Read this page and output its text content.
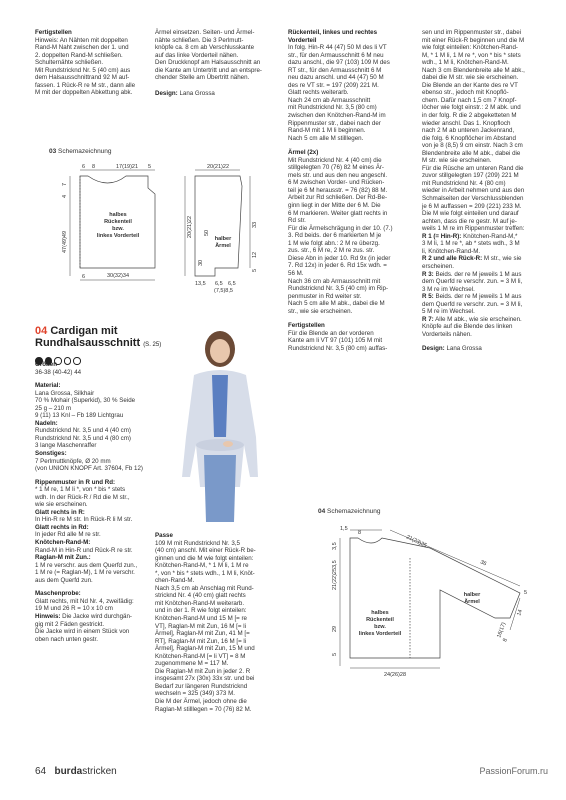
Fertigstellen
Hinweis: An Nähten mit doppelten
Rand-M Naht zwischen der 1. und
2. doppelten Rand-M schließen.
Schulternähte schließen.
Mit Rundstricknd Nr. 5 (40 cm) aus
dem Halsausschnittrand 92 M auf-
fassen. 1 Rück-R re M str., dann alle
M mit der doppelten Abkettung abk.
Ärmel einsetzen. Seiten- und Ärmel-
nähte schließen. Die 3 Perlmutt-
knöpfe ca. 8 cm ab Verschlusskante
auf das linke Vorderteil nähen.
Den Druckknopf am Halsausschnitt an
die Kante am Untertritt und an entspre-
chender Stelle am Übertritt nähen.
Design: Lana Grossa
03 Schemazeichnung
6 8	17(19)21 5
7
4
47(49)49
halbes
Rückenteil
bzw.
linkes Vorderteil
6	30(32)34
20(21)22
20(21)22 50
30
33
12
5
halber
Ärmel
13,5 6,5 6,5
(7,5)8,5
04 Cardigan mit
Rundhalsausschnitt (S. 25)
Größen
36-38 (40-42) 44
Material:
Lana Grossa, Silkhair
70 % Mohair (Superkid), 30 % Seide
25 g – 210 m
9 (11) 13 Knl – Fb 189 Lichtgrau
Nadeln:
Rundstricknd Nr. 3,5 und 4 (40 cm)
Rundstricknd Nr. 3,5 und 4 (80 cm)
3 lange Maschenraffer
Sonstiges:
7 Perlmuttknöpfe, Ø 20 mm
(von UNION KNOPF Art. 37604, Fb 12)
Rippenmuster in R und Rd:
* 1 M re, 1 M li *, von * bis * stets
wdh. In der Rück-R / Rd die M str.,
wie sie erscheinen.
Glatt rechts in R:
In Hin-R re M str. In Rück-R li M str.
Glatt rechts in Rd:
In jeder Rd alle M re str.
Knötchen-Rand-M:
Rand-M in Hin-R und Rück-R re str.
Raglan-M mit Zun.:
1 M re verschr. aus dem Querfd zun.,
1 M re (= Raglan-M), 1 M re verschr.
aus dem Querfd zun.
Maschenprobe:
Glatt rechts, mit Nd Nr. 4, zweifädig:
19 M und 26 R = 10 x 10 cm
Hinweis: Die Jacke wird durchgän-
gig mit 2 Fäden gestrickt.
Die Jacke wird in einem Stück von
oben nach unten gestr.
Passe
109 M mit Rundstricknd Nr. 3,5
(40 cm) anschl. Mit einer Rück-R be-
ginnen und die M wie folgt einteilen:
Knötchen-Rand-M, * 1 M li, 1 M re
*, von * bis * stets wdh., 1 M li, Knöt-
chen-Rand-M.
Nach 3,5 cm ab Anschlag mit Rund-
stricknd Nr. 4 (40 cm) glatt rechts
mit Knötchen-Rand-M weiterarb.
und in der 1. R wie folgt einteilen:
Knötchen-Rand-M und 15 M [= re
VT], Raglan-M mit Zun, 16 M [= li
Ärmel], Raglan-M mit Zun, 41 M [=
RT], Raglan-M mit Zun, 16 M [= li
Ärmel], Raglan-M mit Zun, 15 M und
Knötchen-Rand-M [= li VT] = 8 M
zugenommene M = 117 M.
Die Raglan-M mit Zun in jeder 2. R
insgesamt 27x (30x) 33x str. und bei
Bedarf zur längeren Rundstricknd
wechseln = 325 (349) 373 M.
Die M der Ärmel, jedoch ohne die
Raglan-M stilllegen = 70 (76) 82 M.
Rückenteil, linkes und rechtes
Vorderteil
In folg. Hin-R 44 (47) 50 M des li VT
str., für den Armausschnitt 6 M neu
dazu anschl., die 97 (103) 109 M des
RT str., für den Armausschnitt 6 M
neu dazu anschl. und 44 (47) 50 M
des re VT str. = 197 (209) 221 M.
Glatt rechts weiterarb.
Nach 24 cm ab Armausschnitt
mit Rundstricknd Nr. 3,5 (80 cm)
zwischen den Knötchen-Rand-M im
Rippenmuster str., dabei nach der
Rand-M mit 1 M li beginnen.
Nach 5 cm alle M stilllegen.
Ärmel (2x)
Mit Rundstricknd Nr. 4 (40 cm) die
stillgelegten 70 (76) 82 M eines Är-
mels str. und aus den neu angeschl.
6 M zwischen Vorder- und Rücken-
teil je 6 M herausstr. = 76 (82) 88 M.
Arbeit zur Rd schließen. Der Rd-Be-
ginn liegt in der Mitte der 6 M. Die
6 M markieren. Weiter glatt rechts in
Rd str.
Für die Ärmelschrägung in der 10. (7.)
3. Rd beids. der 6 markierten M je
1 M wie folgt abn.: 2 M re überzg.
zus. str., 6 M re, 2 M re zus. str.
Diese Abn in jeder 10. Rd 9x (in jeder
7. Rd 12x) in jeder 6. Rd 15x wdh. =
56 M.
Nach 36 cm ab Armausschnitt mit
Rundstricknd Nr. 3,5 (40 cm) im Rip-
penmuster in Rd weiter str.
Nach 5 cm alle M abk., dabei die M
str., wie sie erscheinen.
Fertigstellen
Für die Blende an der vorderen
Kante am li VT 97 (101) 105 M mit
Rundstricknd Nr. 3,5 (80 cm) auffas-
sen und im Rippenmuster str., dabei
mit einer Rück-R beginnen und die M
wie folgt einteilen: Knötchen-Rand-
M, * 1 M li, 1 M re *, von * bis * stets
wdh., 1 M li, Knötchen-Rand-M.
Nach 3 cm Blendenbreite alle M abk.,
dabei die M str. wie sie erscheinen.
Die Blende an der Kante des re VT
ebenso str., jedoch mit Knopflö-
chern. Dafür nach 1,5 cm 7 Knopf-
löcher wie folgt einstr.: 2 M abk. und
in der folg. R die 2 abgeketteten M
wieder anschl. Das 1. Knopfloch
nach 2 M ab unteren Jackenrand,
die folg. 6 Knopflöcher im Abstand
von je 8 (8,5) 9 cm einstr. Nach 3 cm
Blendenbreite alle M abk., dabei die
M str. wie sie erscheinen.
Für die Rüsche am unteren Rand die
zuvor stillgelegten 197 (209) 221 M
mit Rundstricknd Nr. 4 (80 cm)
wieder in Arbeit nehmen und aus den
Schmalseiten der Verschlussblenden
je 6 M auffassen = 209 (221) 233 M.
Die M wie folgt einteilen und darauf
achten, dass die re gestr. M auf je-
weils 1 M re im Rippenmuster treffen:
R 1 (= Hin-R): Knötchen-Rand-M,*
3 M li, 1 M re *, ab * stets wdh., 3 M
li, Knötchen-Rand-M.
R 2 und alle Rück-R: M str., wie sie
erscheinen.
R 3: Beids. der re M jeweils 1 M aus
dem Querfd re verschr. zun. = 3 M li,
3 M re im Wechsel.
R 5: Beids. der re M jeweils 1 M aus
dem Querfd re verschr. zun. = 3 M li,
5 M re im Wechsel.
R 7: Alle M abk., wie sie erscheinen.
Knöpfe auf die Blende des linken
Vorderteils nähen.
Design: Lana Grossa
04 Schemazeichnung
1,5
8
21(23)25
3,5
3,5
21(22)25
29
5
halbes
Rückenteil
bzw.
linkes Vorderteil
24(26)28
36
halber
Ärmel
5
14
16(17)
8
64 burdastricken	PassionForum.ru
